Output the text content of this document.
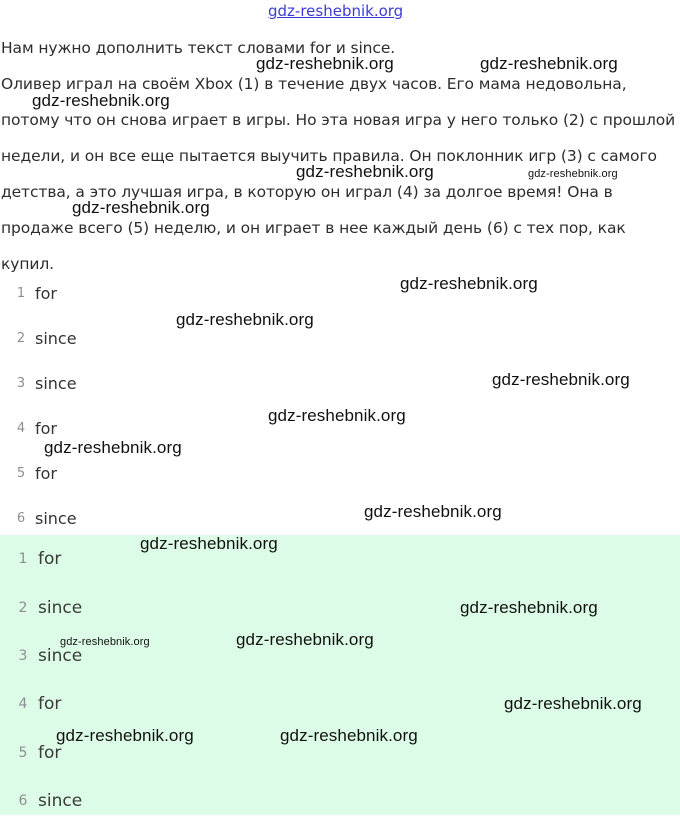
gdz-reshebnik.org

Нам нужно дополнить текст словами for и since.

Оливер играл на своём Xbox (1) в течение двух часов. Его мама недовольна, потому что он снова играет в игры. Но эта новая игра у него только (2) с прошлой недели, и он все еще пытается выучить правила. Он поклонник игр (3) с самого детства, а это лучшая игра, в которую он играл (4) за долгое время! Она в продаже всего (5) неделю, и он играет в нее каждый день (6) с тех пор, как купил.

1 for
2 since
3 since
4 for
5 for
6 since
1 for
2 since
3 since
4 for
5 for
6 since
gdz-reshebnik.org	gdz-reshebnik.org
gdz-reshebnik.org
gdz-reshebnik.org	gdz-reshebnik.org
gdz-reshebnik.org
gdz-reshebnik.org
gdz-reshebnik.org
gdz-reshebnik.org
gdz-reshebnik.org
gdz-reshebnik.org
gdz-reshebnik.org
gdz-reshebnik.org
gdz-reshebnik.org
gdz-reshebnik.org
gdz-reshebnik.org
gdz-reshebnik.org
gdz-reshebnik.org	gdz-reshebnik.org
